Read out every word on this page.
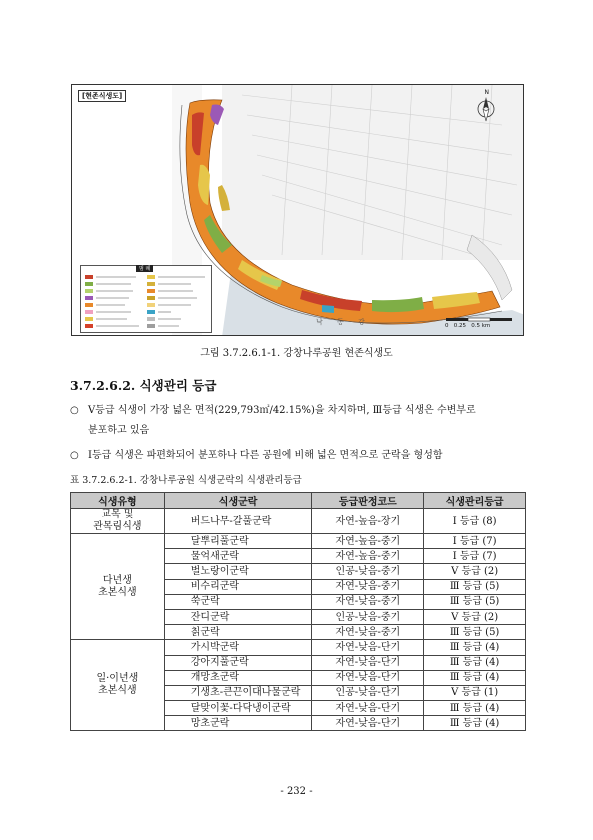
[현존식생도]	N
범 례
낙 동 강	0   0.25   0.5 km
그림 3.7.2.6.1-1. 강창나루공원 현존식생도
3.7.2.6.2. 식생관리 등급
○ V등급 식생이 가장 넓은 면적(229,793㎡/42.15%)을 차지하며, Ⅲ등급 식생은 수변부로
분포하고 있음
○ Ⅰ등급 식생은 파편화되어 분포하나 다른 공원에 비해 넓은 면적으로 군락을 형성함
표 3.7.2.6.2-1. 강창나루공원 식생군락의 식생관리등급
식생유형	식생군락	등급판정코드	식생관리등급

교목 및
관목림식생	버드나무-갈풀군락	자연-높음-장기	Ⅰ 등급 (8)

다년생
초본식생	달뿌리풀군락	자연-높음-중기	Ⅰ 등급 (7)
	물억새군락	자연-높음-중기	Ⅰ 등급 (7)
	벌노랑이군락	인공-낮음-중기	Ⅴ 등급 (2)
	비수리군락	자연-낮음-중기	Ⅲ 등급 (5)
	쑥군락	자연-낮음-중기	Ⅲ 등급 (5)
	잔디군락	인공-낮음-중기	Ⅴ 등급 (2)
	칡군락	자연-낮음-중기	Ⅲ 등급 (5)

일·이년생
초본식생	가시박군락	자연-낮음-단기	Ⅲ 등급 (4)
	강아지풀군락	자연-낮음-단기	Ⅲ 등급 (4)
	개망초군락	자연-낮음-단기	Ⅲ 등급 (4)
	기생초-큰끈이대나물군락	인공-낮음-단기	Ⅴ 등급 (1)
	달맞이꽃-다닥냉이군락	자연-낮음-단기	Ⅲ 등급 (4)
	망초군락	자연-낮음-단기	Ⅲ 등급 (4)
- 232 -
